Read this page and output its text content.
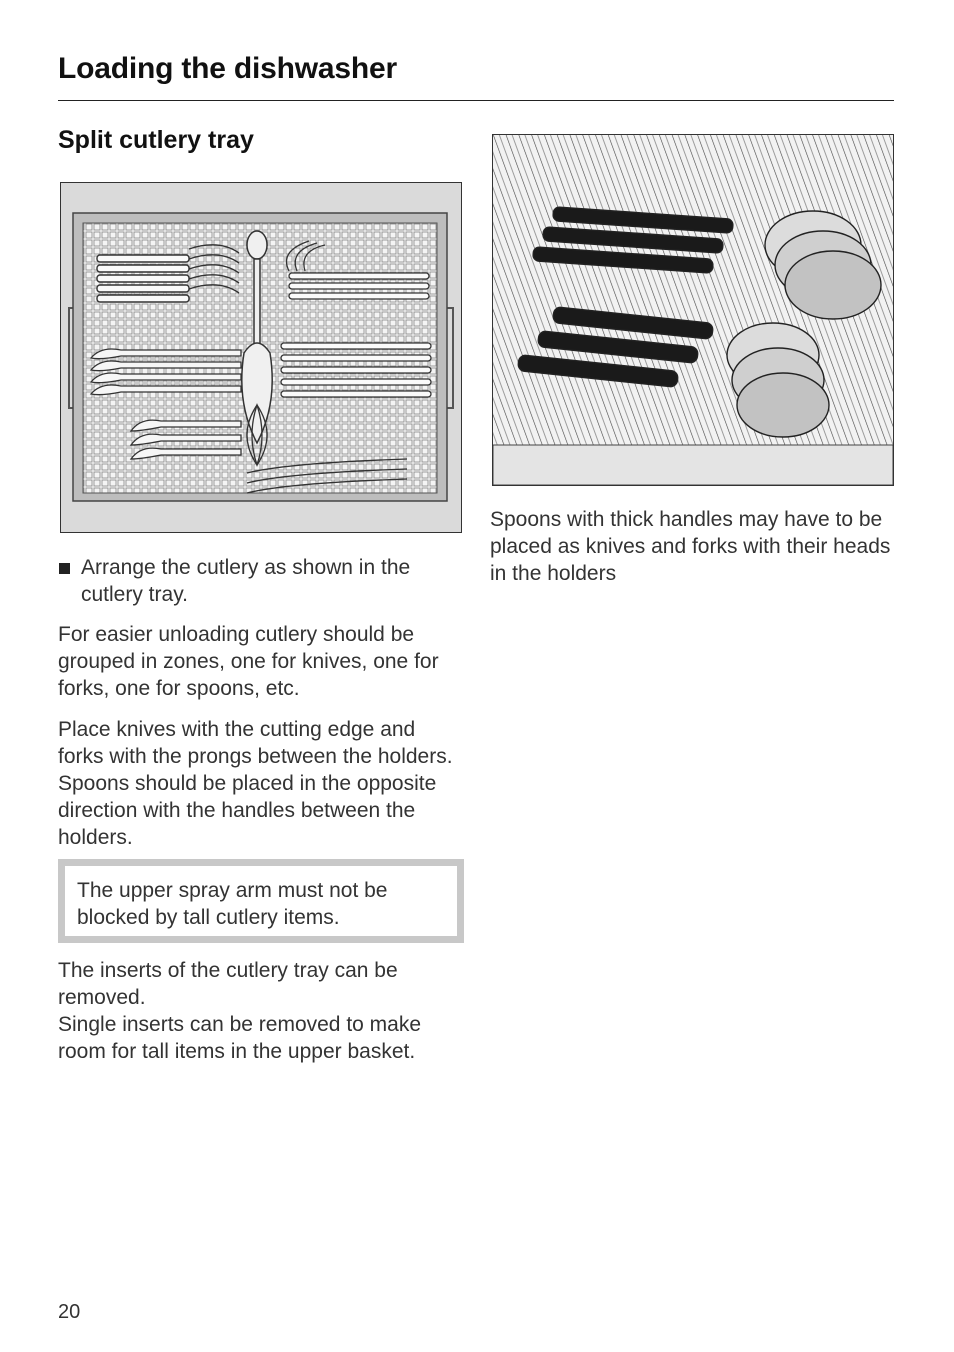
Loading the dishwasher
Split cutlery tray

Arrange the cutlery as shown in the cutlery tray.

For easier unloading cutlery should be grouped in zones, one for knives, one for forks, one for spoons, etc.

Place knives with the cutting edge and forks with the prongs between the holders. Spoons should be placed in the opposite direction with the handles between the holders.

The upper spray arm must not be blocked by tall cutlery items.

The inserts of the cutlery tray can be removed.

Single inserts can be removed to make room for tall items in the upper basket.

Spoons with thick handles may have to be placed as knives and forks with their heads in the holders

20
